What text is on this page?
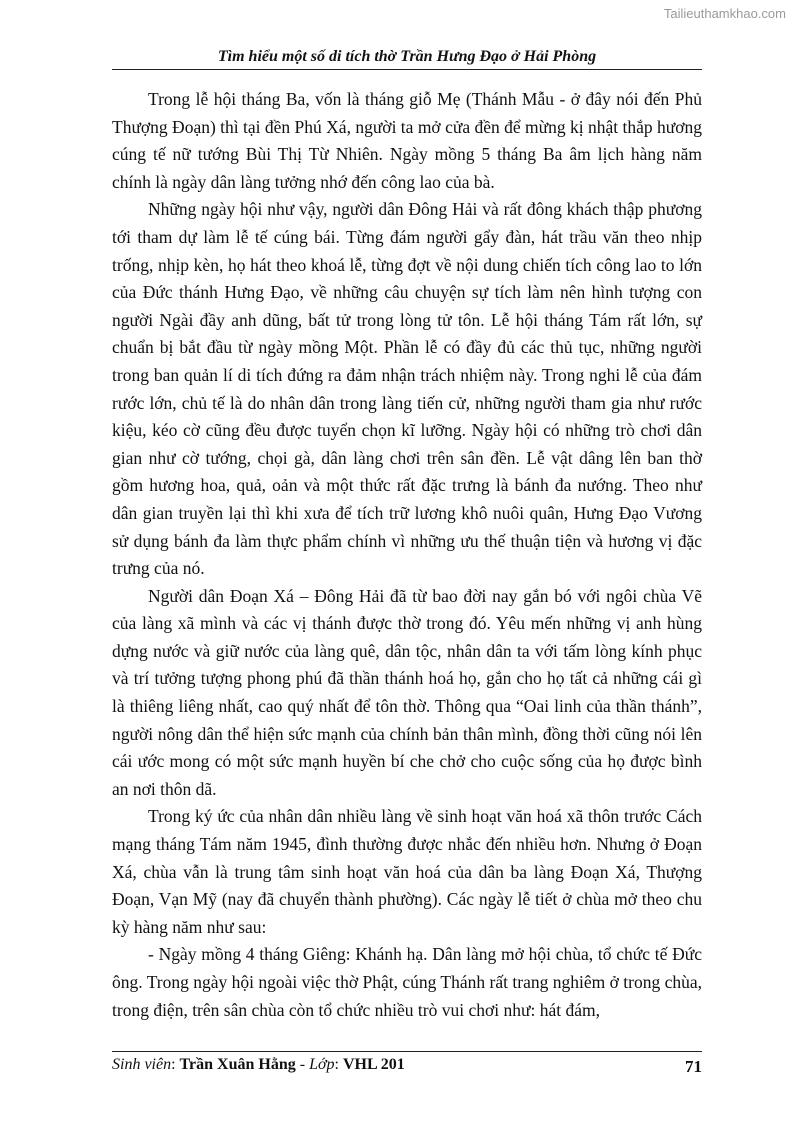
Tailieuthamkhao.com
Tìm hiểu một số di tích thờ Trần Hưng Đạo ở Hải Phòng

Trong lễ hội tháng Ba, vốn là tháng giỗ Mẹ (Thánh Mẫu - ở đây nói đến Phủ Thượng Đoạn) thì tại đền Phú Xá, người ta mở cửa đền để mừng kị nhật thắp hương cúng tế nữ tướng Bùi Thị Từ Nhiên. Ngày mồng 5 tháng Ba âm lịch hàng năm chính là ngày dân làng tưởng nhớ đến công lao của bà.

Những ngày hội như vậy, người dân Đông Hải và rất đông khách thập phương tới tham dự làm lễ tế cúng bái. Từng đám người gẩy đàn, hát trầu văn theo nhịp trống, nhịp kèn, họ hát theo khoá lễ, từng đợt về nội dung chiến tích công lao to lớn của Đức thánh Hưng Đạo, về những câu chuyện sự tích làm nên hình tượng con người Ngài đầy anh dũng, bất tử trong lòng tử tôn. Lễ hội tháng Tám rất lớn, sự chuẩn bị bắt đầu từ ngày mồng Một. Phần lễ có đầy đủ các thủ tục, những người trong ban quản lí di tích đứng ra đảm nhận trách nhiệm này. Trong nghi lễ của đám rước lớn, chủ tế là do nhân dân trong làng tiến cử, những người tham gia như rước kiệu, kéo cờ cũng đều được tuyển chọn kĩ lưỡng. Ngày hội có những trò chơi dân gian như cờ tướng, chọi gà, dân làng chơi trên sân đền. Lễ vật dâng lên ban thờ gồm hương hoa, quả, oản và một thức rất đặc trưng là bánh đa nướng. Theo như dân gian truyền lại thì khi xưa để tích trữ lương khô nuôi quân, Hưng Đạo Vương sử dụng bánh đa làm thực phẩm chính vì những ưu thế thuận tiện và hương vị đặc trưng của nó.

Người dân Đoạn Xá – Đông Hải đã từ bao đời nay gắn bó với ngôi chùa Vẽ của làng xã mình và các vị thánh được thờ trong đó. Yêu mến những vị anh hùng dựng nước và giữ nước của làng quê, dân tộc, nhân dân ta với tấm lòng kính phục và trí tưởng tượng phong phú đã thần thánh hoá họ, gắn cho họ tất cả những cái gì là thiêng liêng nhất, cao quý nhất để tôn thờ. Thông qua “Oai linh của thần thánh”, người nông dân thể hiện sức mạnh của chính bản thân mình, đồng thời cũng nói lên cái ước mong có một sức mạnh huyền bí che chở cho cuộc sống của họ được bình an nơi thôn dã.

Trong ký ức của nhân dân nhiều làng về sinh hoạt văn hoá xã thôn trước Cách mạng tháng Tám năm 1945, đình thường được nhắc đến nhiều hơn. Nhưng ở Đoạn Xá, chùa vẫn là trung tâm sinh hoạt văn hoá của dân ba làng Đoạn Xá, Thượng Đoạn, Vạn Mỹ (nay đã chuyển thành phường). Các ngày lễ tiết ở chùa mở theo chu kỳ hàng năm như sau:

- Ngày mồng 4 tháng Giêng: Khánh hạ. Dân làng mở hội chùa, tổ chức tế Đức ông. Trong ngày hội ngoài việc thờ Phật, cúng Thánh rất trang nghiêm ở trong chùa, trong điện, trên sân chùa còn tổ chức nhiều trò vui chơi như: hát đám,

Sinh viên: Trần Xuân Hằng - Lớp: VHL 201	71
